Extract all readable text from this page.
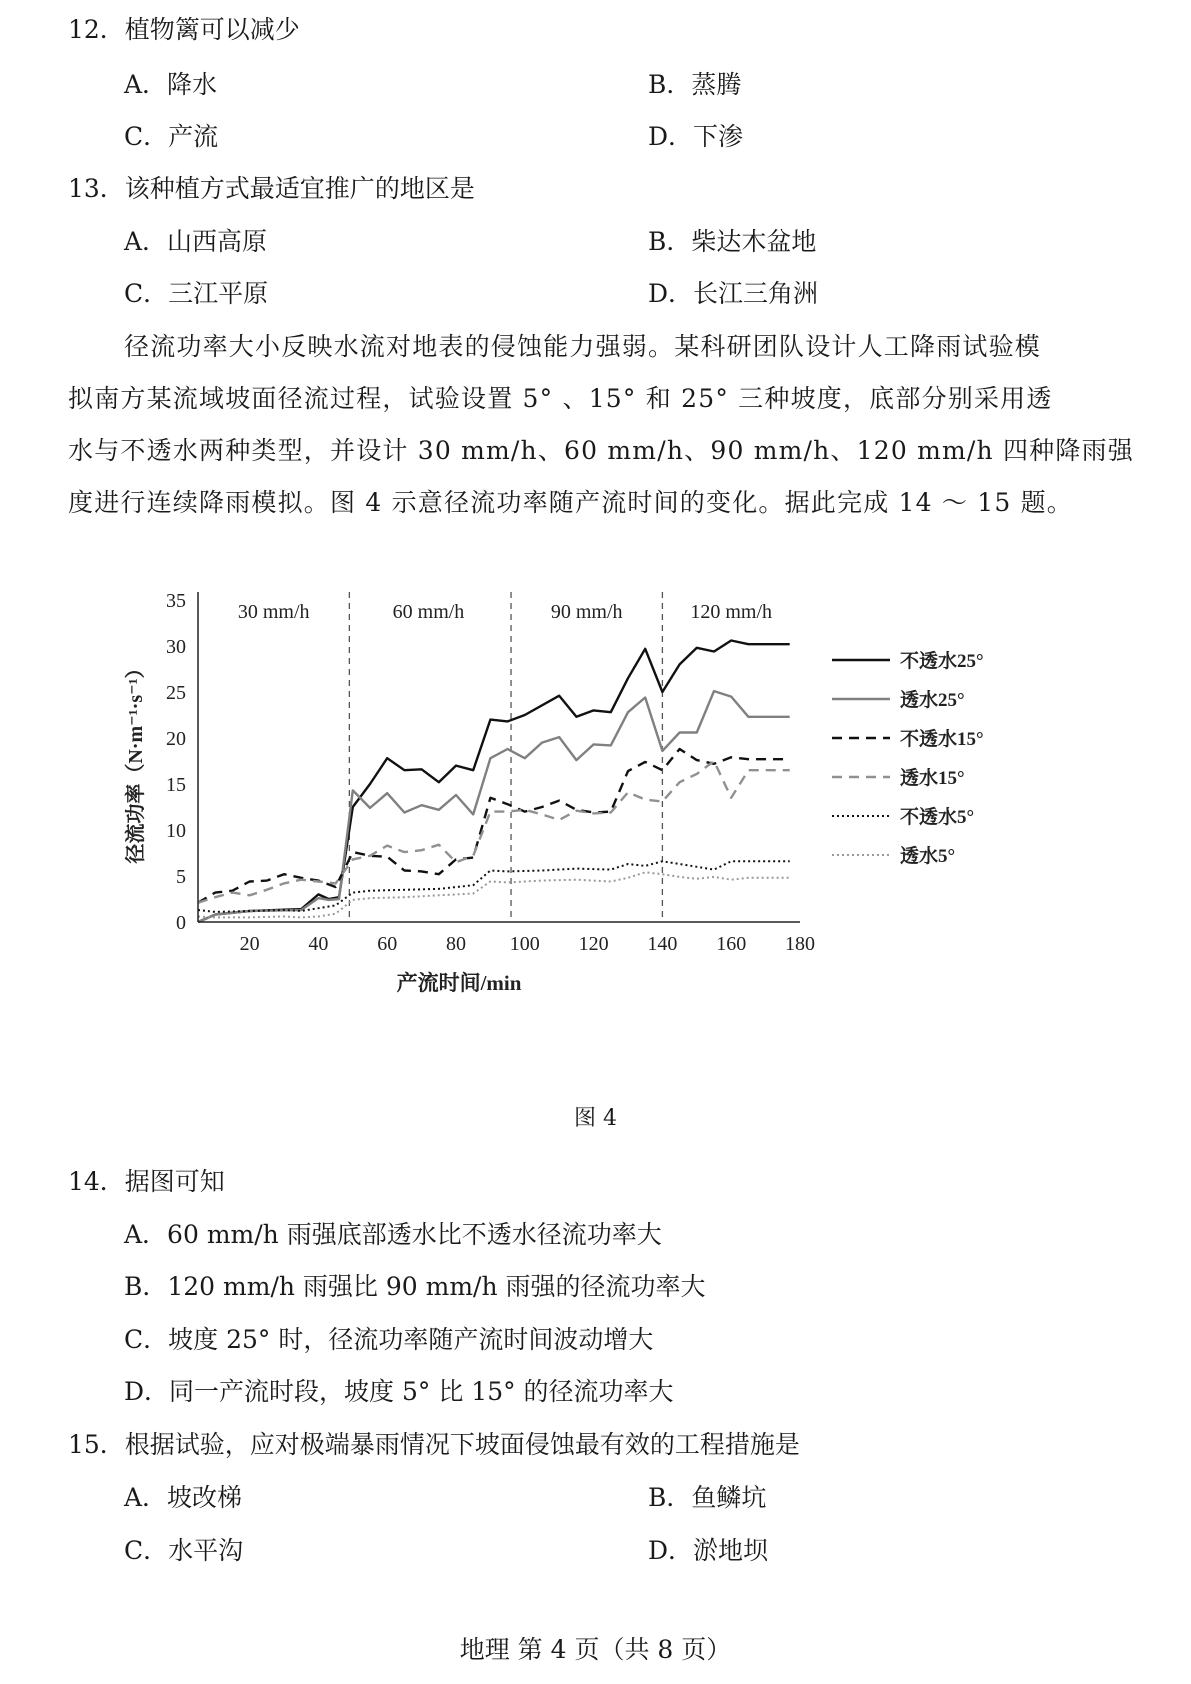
12．植物篱可以减少
A．降水	B．蒸腾
C．产流	D．下渗
13．该种植方式最适宜推广的地区是
A．山西高原	B．柴达木盆地
C．三江平原	D．长江三角洲
径流功率大小反映水流对地表的侵蚀能力强弱。某科研团队设计人工降雨试验模
拟南方某流域坡面径流过程，试验设置 5° 、15° 和 25° 三种坡度，底部分别采用透
水与不透水两种类型，并设计 30 mm/h、60 mm/h、90 mm/h、120 mm/h 四种降雨强
度进行连续降雨模拟。图 4 示意径流功率随产流时间的变化。据此完成 14 ～ 15 题。
30 mm/h	60 mm/h	90 mm/h	120 mm/h
0
5
10
15
20
25
30
35
20 40 60 80 100 120 140 160 180
产流时间/min
径流功率（N·m⁻¹·s⁻¹）	不透水25°
透水25°
不透水15°
透水15°
不透水5°
透水5°
图 4
14．据图可知
A．60 mm/h 雨强底部透水比不透水径流功率大
B．120 mm/h 雨强比 90 mm/h 雨强的径流功率大
C．坡度 25° 时，径流功率随产流时间波动增大
D．同一产流时段，坡度 5° 比 15° 的径流功率大
15．根据试验，应对极端暴雨情况下坡面侵蚀最有效的工程措施是
A．坡改梯	B．鱼鳞坑
C．水平沟	D．淤地坝
地理 第 4 页（共 8 页）
